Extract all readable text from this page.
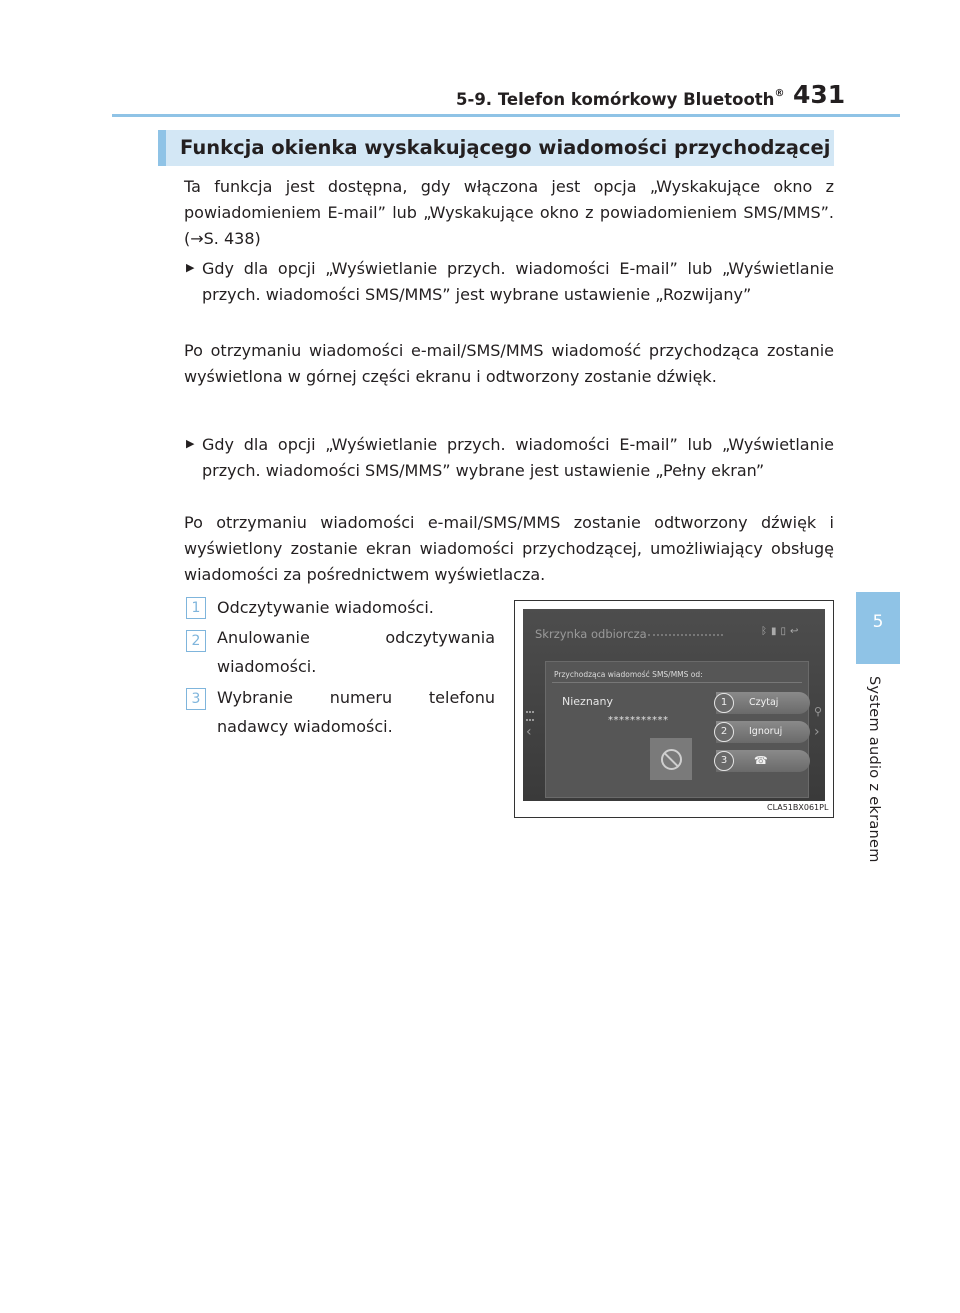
5-9. Telefon komórkowy Bluetooth® 431
5
System audio z ekranem
Funkcja okienka wyskakującego wiadomości przychodzącej

Ta funkcja jest dostępna, gdy włączona jest opcja „Wyskakujące okno z powiadomieniem E-mail” lub „Wyskakujące okno z powiadomieniem SMS/MMS”. (→S. 438)

▶ Gdy dla opcji „Wyświetlanie przych. wiadomości E-mail” lub „Wyświetlanie przych. wiadomości SMS/MMS” jest wybrane ustawienie „Rozwijany”

Po otrzymaniu wiadomości e-mail/SMS/MMS wiadomość przychodząca zostanie wyświetlona w górnej części ekranu i odtworzony zostanie dźwięk.

▶ Gdy dla opcji „Wyświetlanie przych. wiadomości E-mail” lub „Wyświetlanie przych. wiadomości SMS/MMS” wybrane jest ustawienie „Pełny ekran”

Po otrzymaniu wiadomości e-mail/SMS/MMS zostanie odtworzony dźwięk i wyświetlony zostanie ekran wiadomości przychodzącej, umożliwiający obsługę wiadomości za pośrednictwem wyświetlacza.

1	Odczytywanie wiadomości.

2	Anulowanie odczytywania wiadomości.

3	Wybranie numeru telefonu nadawcy wiadomości.

Skrzynka odbiorcza	ᛒ▮▯↩
‹
⚲
›
Przychodząca wiadomość SMS/MMS od:
Nieznany
***********
1	Czytaj
2	Ignoruj
3	☎
CLA51BX061PL
